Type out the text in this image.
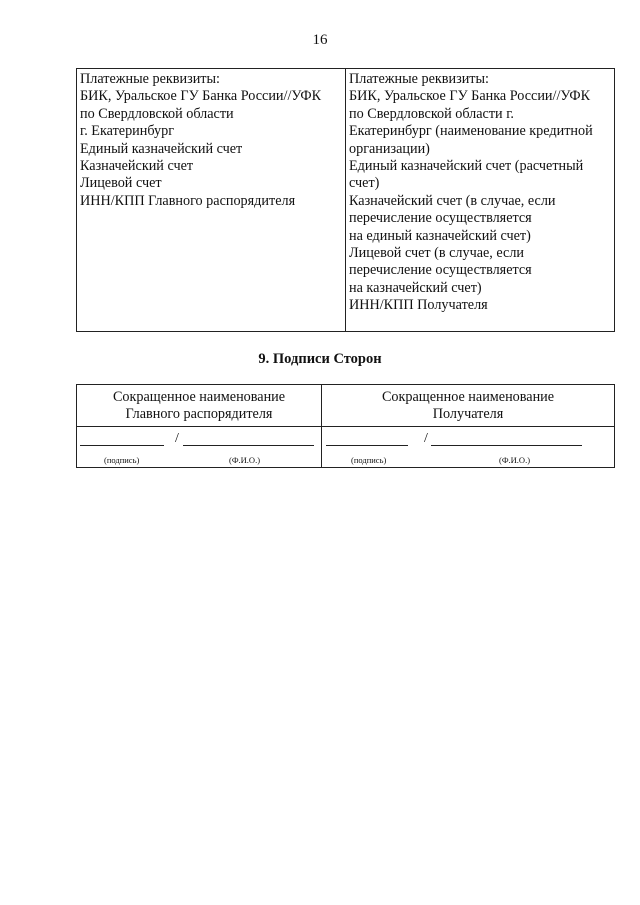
16
Платежные реквизиты:
БИК, Уральское ГУ Банка России//УФК
по Свердловской области
г. Екатеринбург
Единый казначейский счет
Казначейский счет
Лицевой счет
ИНН/КПП Главного распорядителя
Платежные реквизиты:
БИК, Уральское ГУ Банка России//УФК
по Свердловской области г.
Екатеринбург (наименование кредитной
организации)
Единый казначейский счет (расчетный
счет)
Казначейский счет (в случае, если
перечисление осуществляется
на единый казначейский счет)
Лицевой счет (в случае, если
перечисление осуществляется
на казначейский счет)
ИНН/КПП Получателя
9. Подписи Сторон
Сокращенное наименование
Главного распорядителя
/
(подпись)	(Ф.И.О.)
Сокращенное наименование
Получателя
/
(подпись)	(Ф.И.О.)
